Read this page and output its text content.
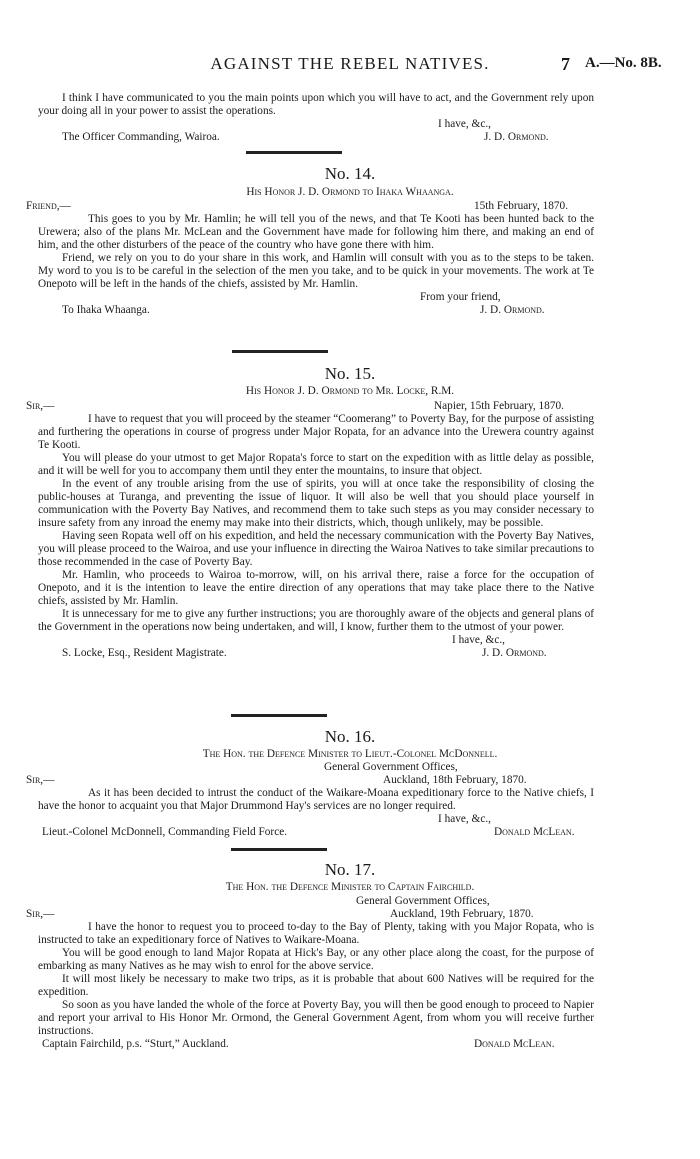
AGAINST THE REBEL NATIVES.	7 A.—No. 8B.
I think I have communicated to you the main points upon which you will have to act, and the Government rely upon your doing all in your power to assist the operations.
I have, &c.,
The Officer Commanding, Wairoa.	J. D. Ormond.
No. 14.
His Honor J. D. Ormond to Ihaka Whaanga.
Friend,—	15th February, 1870.
This goes to you by Mr. Hamlin; he will tell you of the news, and that Te Kooti has been hunted back to the Urewera; also of the plans Mr. McLean and the Government have made for following him there, and making an end of him, and the other disturbers of the peace of the country who have gone there with him.
Friend, we rely on you to do your share in this work, and Hamlin will consult with you as to the steps to be taken. My word to you is to be careful in the selection of the men you take, and to be quick in your movements. The work at Te Onepoto will be left in the hands of the chiefs, assisted by Mr. Hamlin.
From your friend,
To Ihaka Whaanga.	J. D. Ormond.
No. 15.
His Honor J. D. Ormond to Mr. Locke, R.M.
Sir,—	Napier, 15th February, 1870.
I have to request that you will proceed by the steamer “Coomerang” to Poverty Bay, for the purpose of assisting and furthering the operations in course of progress under Major Ropata, for an advance into the Urewera country against Te Kooti.
You will please do your utmost to get Major Ropata's force to start on the expedition with as little delay as possible, and it will be well for you to accompany them until they enter the mountains, to insure that object.
In the event of any trouble arising from the use of spirits, you will at once take the responsibility of closing the public-houses at Turanga, and preventing the issue of liquor. It will also be well that you should place yourself in communication with the Poverty Bay Natives, and recommend them to take such steps as you may consider necessary to insure safety from any inroad the enemy may make into their districts, which, though unlikely, may be possible.
Having seen Ropata well off on his expedition, and held the necessary communication with the Poverty Bay Natives, you will please proceed to the Wairoa, and use your influence in directing the Wairoa Natives to take similar precautions to those recommended in the case of Poverty Bay.
Mr. Hamlin, who proceeds to Wairoa to-morrow, will, on his arrival there, raise a force for the occupation of Onepoto, and it is the intention to leave the entire direction of any operations that may take place there to the Native chiefs, assisted by Mr. Hamlin.
It is unnecessary for me to give any further instructions; you are thoroughly aware of the objects and general plans of the Government in the operations now being undertaken, and will, I know, further them to the utmost of your power.
I have, &c.,
S. Locke, Esq., Resident Magistrate.	J. D. Ormond.
No. 16.
The Hon. the Defence Minister to Lieut.-Colonel McDonnell.
General Government Offices,
Sir,—	Auckland, 18th February, 1870.
As it has been decided to intrust the conduct of the Waikare-Moana expeditionary force to the Native chiefs, I have the honor to acquaint you that Major Drummond Hay's services are no longer required.
I have, &c.,
Lieut.-Colonel McDonnell, Commanding Field Force.	Donald McLean.
No. 17.
The Hon. the Defence Minister to Captain Fairchild.
General Government Offices,
Sir,—	Auckland, 19th February, 1870.
I have the honor to request you to proceed to-day to the Bay of Plenty, taking with you Major Ropata, who is instructed to take an expeditionary force of Natives to Waikare-Moana.
You will be good enough to land Major Ropata at Hick's Bay, or any other place along the coast, for the purpose of embarking as many Natives as he may wish to enrol for the above service.
It will most likely be necessary to make two trips, as it is probable that about 600 Natives will be required for the expedition.
So soon as you have landed the whole of the force at Poverty Bay, you will then be good enough to proceed to Napier and report your arrival to His Honor Mr. Ormond, the General Government Agent, from whom you will receive further instructions.
Captain Fairchild, p.s. “Sturt,” Auckland.	Donald McLean.
